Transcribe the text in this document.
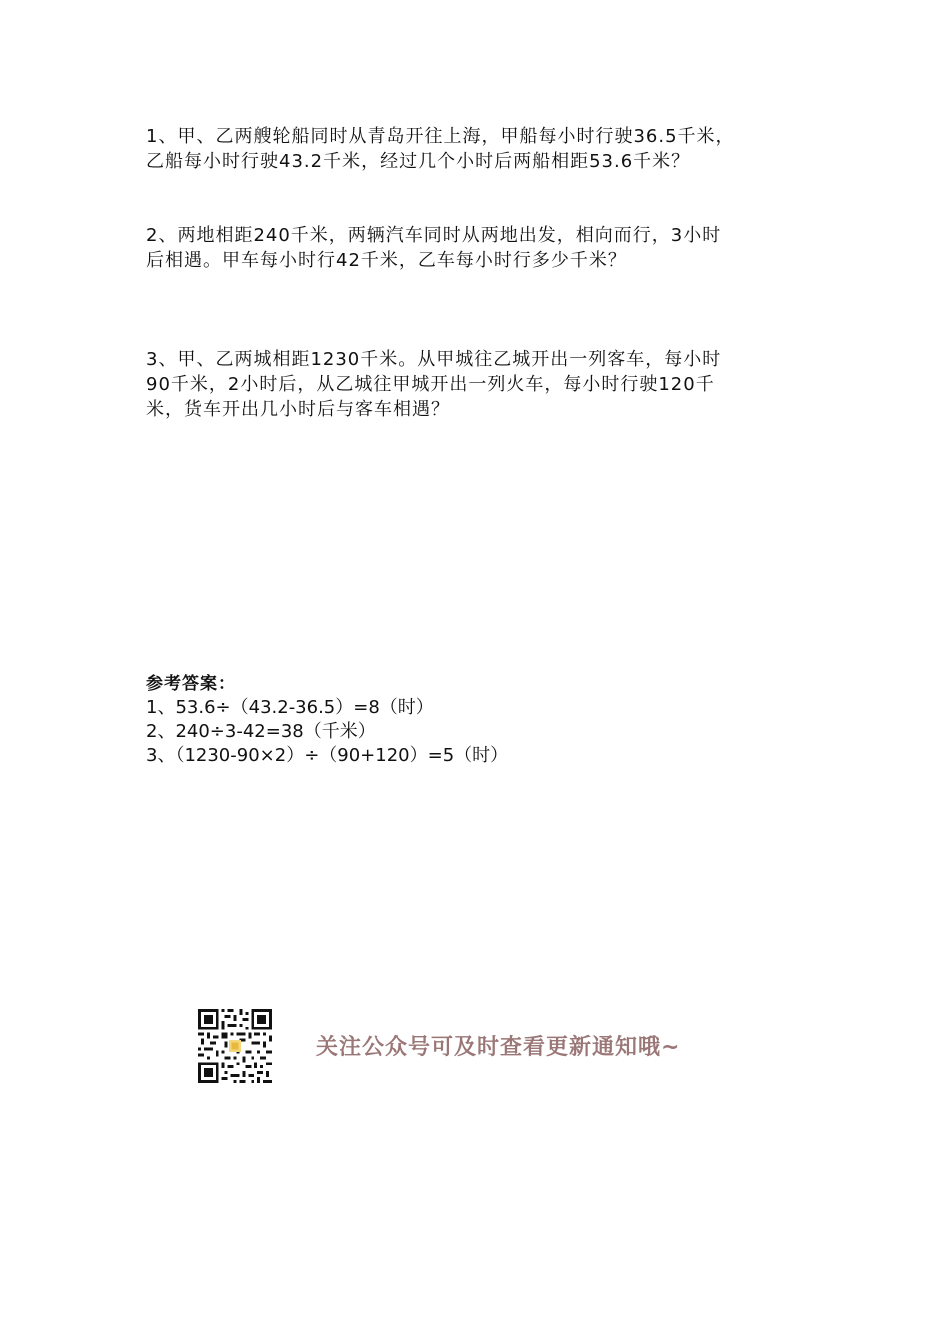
1、甲、乙两艘轮船同时从青岛开往上海，甲船每小时行驶36.5千米，
乙船每小时行驶43.2千米，经过几个小时后两船相距53.6千米？

2、两地相距240千米，两辆汽车同时从两地出发，相向而行，3小时
后相遇。甲车每小时行42千米，乙车每小时行多少千米？

3、甲、乙两城相距1230千米。从甲城往乙城开出一列客车，每小时
90千米，2小时后，从乙城往甲城开出一列火车，每小时行驶120千
米，货车开出几小时后与客车相遇？

参考答案：

1、53.6÷（43.2-36.5）=8（时）

2、240÷3-42=38（千米）

3、（1230-90×2）÷（90+120）=5（时）

关注公众号可及时查看更新通知哦~
